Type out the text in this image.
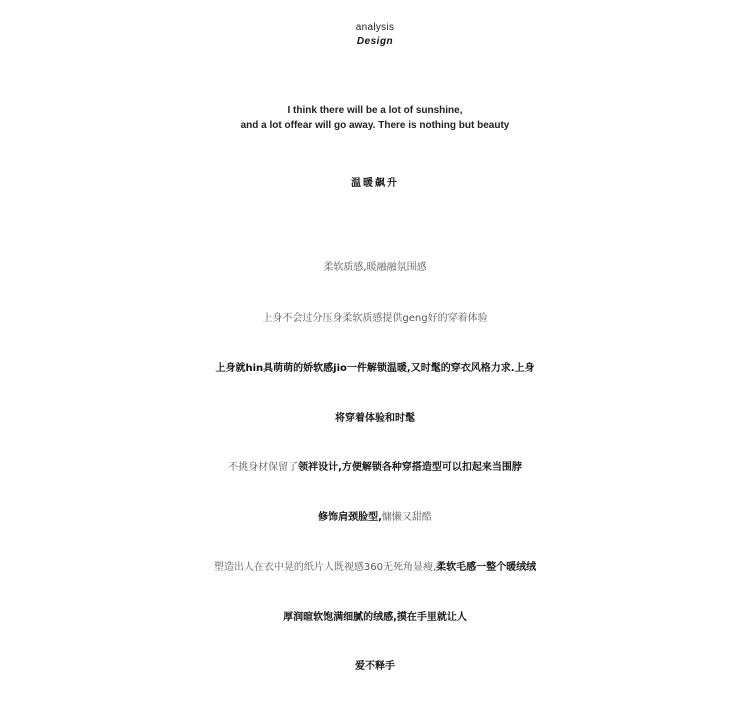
analysis
Design
I think there will be a lot of sunshine,
and a lot offear will go away. There is nothing but beauty
温暖飙升
柔软质感,暖融融氛围感
上身不会过分压身柔软质感提供geng好的穿着体验
上身就hin具萌萌的娇软感jio一件解锁温暖,又时髦的穿衣风格力求.上身
将穿着体验和时髦
不挑身材保留了领袢设计,方便解锁各种穿搭造型可以扣起来当围脖
修饰肩颈脸型,慵懒又甜酷
塑造出人在衣中晃的纸片人既视感360无死角显瘦,柔软毛感一整个暖绒绒
厚润暄软饱满细腻的绒感,摸在手里就让人
爱不释手
